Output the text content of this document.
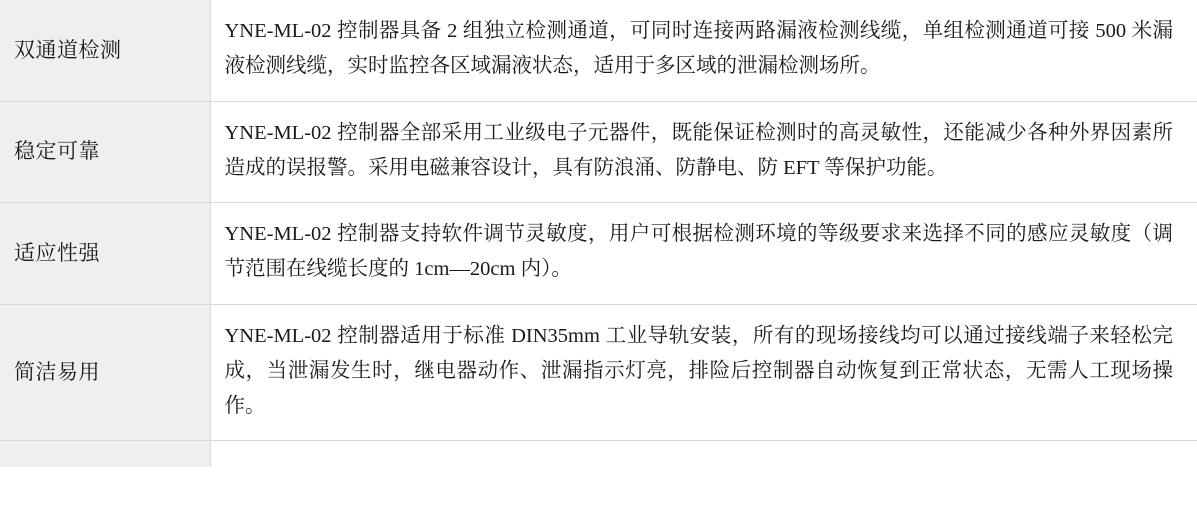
双通道检测	YNE-ML-02 控制器具备 2 组独立检测通道，可同时连接两路漏液检测线缆，单组检测通道可接 500 米漏液检测线缆，实时监控各区域漏液状态，适用于多区域的泄漏检测场所。

稳定可靠	YNE-ML-02 控制器全部采用工业级电子元器件，既能保证检测时的高灵敏性，还能减少各种外界因素所造成的误报警。采用电磁兼容设计，具有防浪涌、防静电、防 EFT 等保护功能。

适应性强	YNE-ML-02 控制器支持软件调节灵敏度，用户可根据检测环境的等级要求来选择不同的感应灵敏度（调节范围在线缆长度的 1cm—20cm 内）。

简洁易用	YNE-ML-02 控制器适用于标准 DIN35mm 工业导轨安装，所有的现场接线均可以通过接线端子来轻松完成，当泄漏发生时，继电器动作、泄漏指示灯亮，排险后控制器自动恢复到正常状态，无需人工现场操作。
